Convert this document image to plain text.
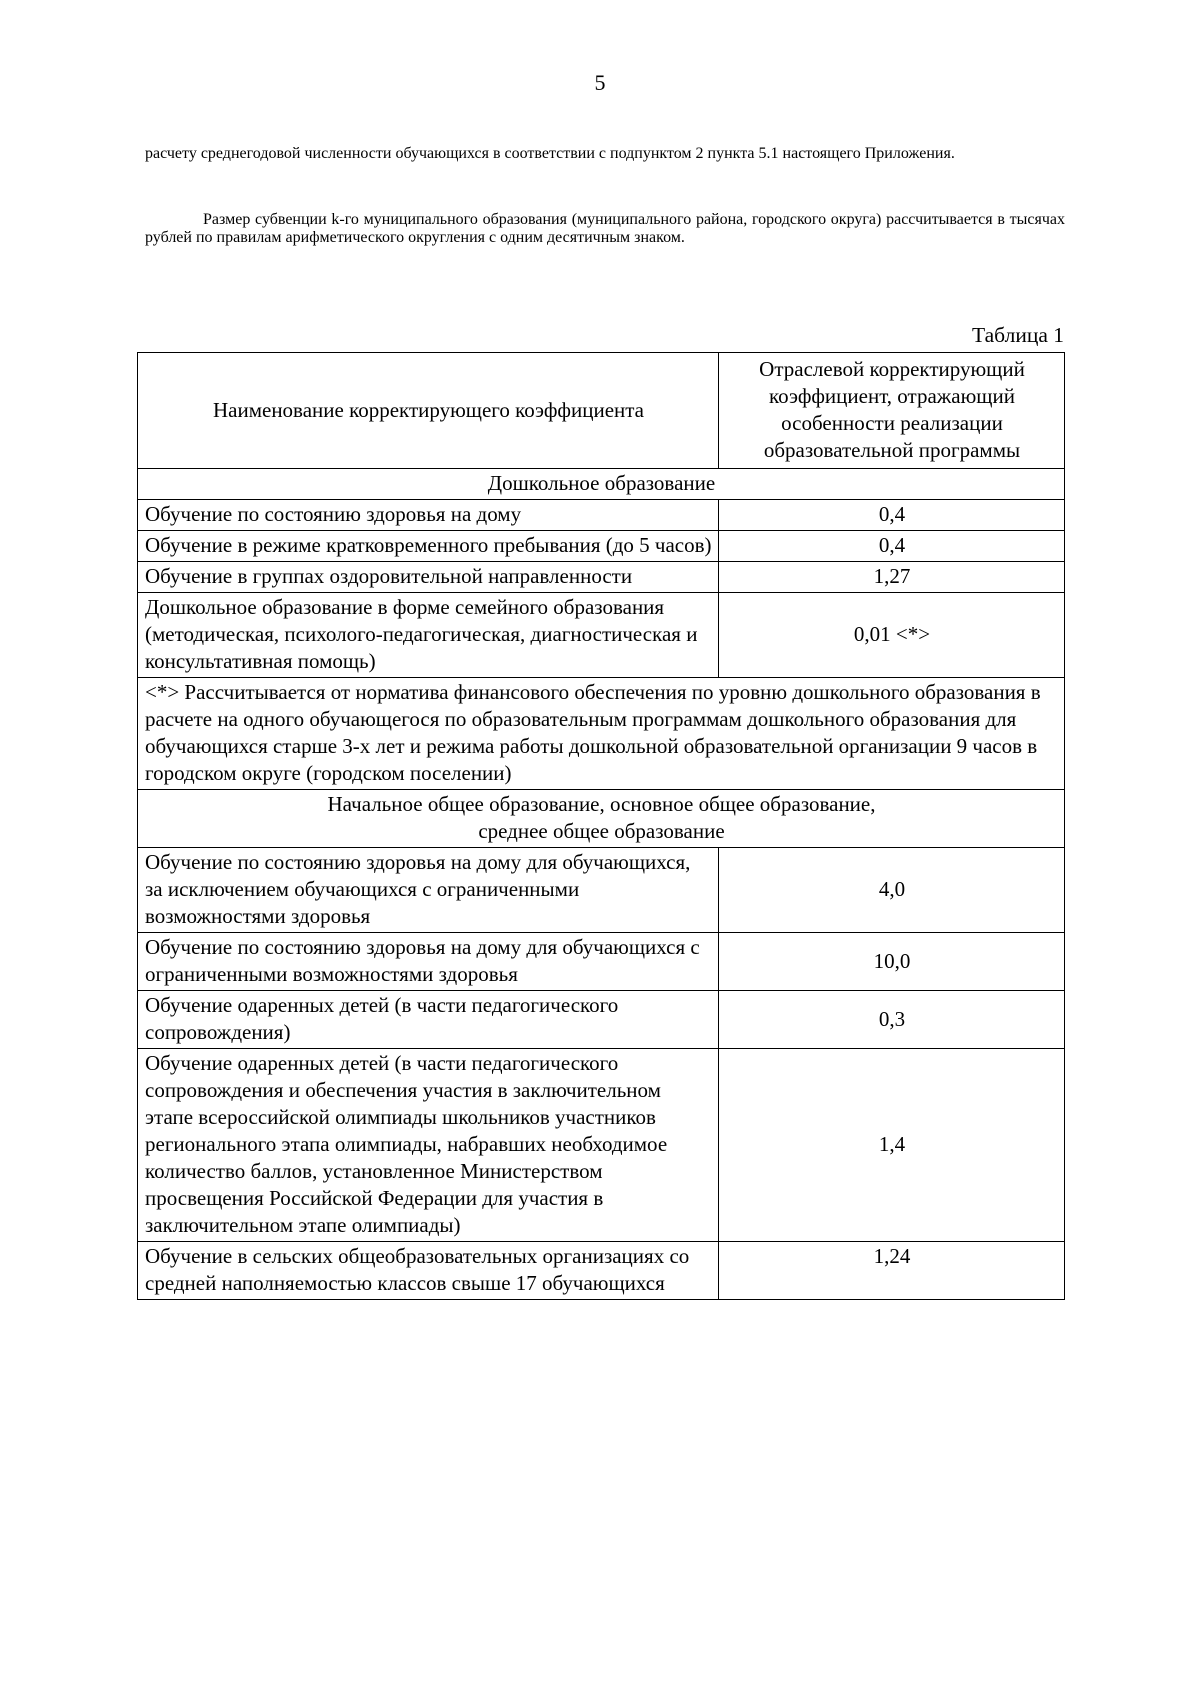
5

расчету среднегодовой численности обучающихся в соответствии с подпунктом 2 пункта 5.1 настоящего Приложения.

Размер субвенции k-го муниципального образования (муниципального района, городского округа) рассчитывается в тысячах рублей по правилам арифметического округления с одним десятичным знаком.

Таблица 1
Наименование корректирующего коэффициента	Отраслевой корректирующий коэффициент, отражающий особенности реализации образовательной программы
Дошкольное образование	
Обучение по состоянию здоровья на дому	0,4
Обучение в режиме кратковременного пребывания (до 5 часов)	0,4
Обучение в группах оздоровительной направленности	1,27
Дошкольное образование в форме семейного образования (методическая, психолого-педагогическая, диагностическая и консультативная помощь)	0,01 <*>
<*> Рассчитывается от норматива финансового обеспечения по уровню дошкольного образования в расчете на одного обучающегося по образовательным программам дошкольного образования для обучающихся старше 3-х лет и режима работы дошкольной образовательной организации 9 часов в городском округе (городском поселении)	
Начальное общее образование, основное общее образование,
среднее общее образование	
Обучение по состоянию здоровья на дому для обучающихся, за исключением обучающихся с ограниченными возможностями здоровья	4,0
Обучение по состоянию здоровья на дому для обучающихся с ограниченными возможностями здоровья	10,0
Обучение одаренных детей (в части педагогического сопровождения)	0,3
Обучение одаренных детей (в части педагогического сопровождения и обеспечения участия в заключительном этапе всероссийской олимпиады школьников участников регионального этапа олимпиады, набравших необходимое количество баллов, установленное Министерством просвещения Российской Федерации для участия в заключительном этапе олимпиады)	1,4
Обучение в сельских общеобразовательных организациях со средней наполняемостью классов свыше 17 обучающихся	1,24
